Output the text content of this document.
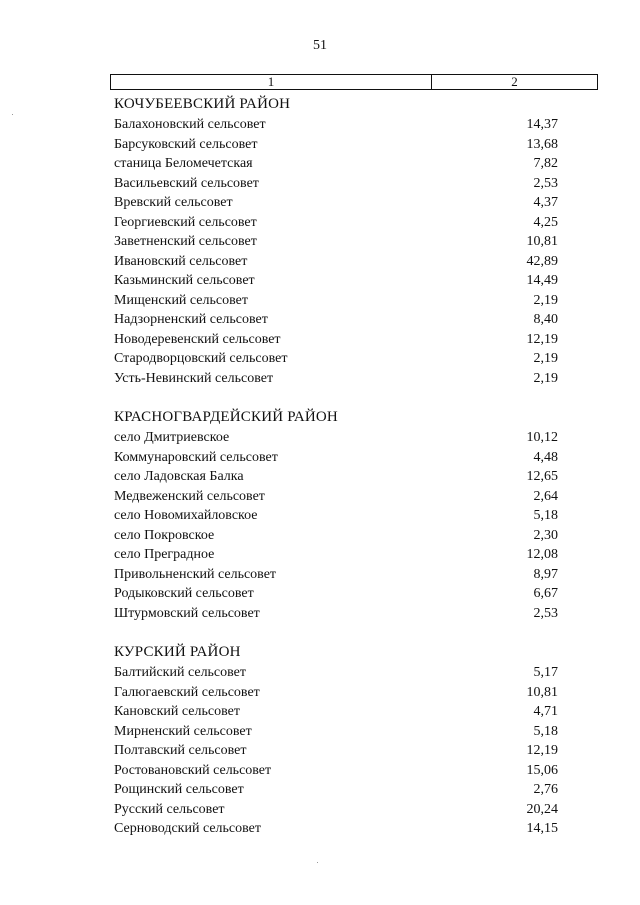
51
1	2
КОЧУБЕЕВСКИЙ РАЙОН
Балахоновский сельсовет	14,37
Барсуковский сельсовет	13,68
станица Беломечетская	7,82
Васильевский сельсовет	2,53
Вревский сельсовет	4,37
Георгиевский сельсовет	4,25
Заветненский сельсовет	10,81
Ивановский сельсовет	42,89
Казьминский сельсовет	14,49
Мищенский сельсовет	2,19
Надзорненский сельсовет	8,40
Новодеревенский сельсовет	12,19
Стародворцовский сельсовет	2,19
Усть-Невинский сельсовет	2,19
КРАСНОГВАРДЕЙСКИЙ РАЙОН
село Дмитриевское	10,12
Коммунаровский сельсовет	4,48
село Ладовская Балка	12,65
Медвеженский сельсовет	2,64
село Новомихайловское	5,18
село Покровское	2,30
село Преградное	12,08
Привольненский сельсовет	8,97
Родыковский сельсовет	6,67
Штурмовский сельсовет	2,53
КУРСКИЙ РАЙОН
Балтийский сельсовет	5,17
Галюгаевский сельсовет	10,81
Кановский сельсовет	4,71
Мирненский сельсовет	5,18
Полтавский сельсовет	12,19
Ростовановский сельсовет	15,06
Рощинский сельсовет	2,76
Русский сельсовет	20,24
Серноводский сельсовет	14,15
